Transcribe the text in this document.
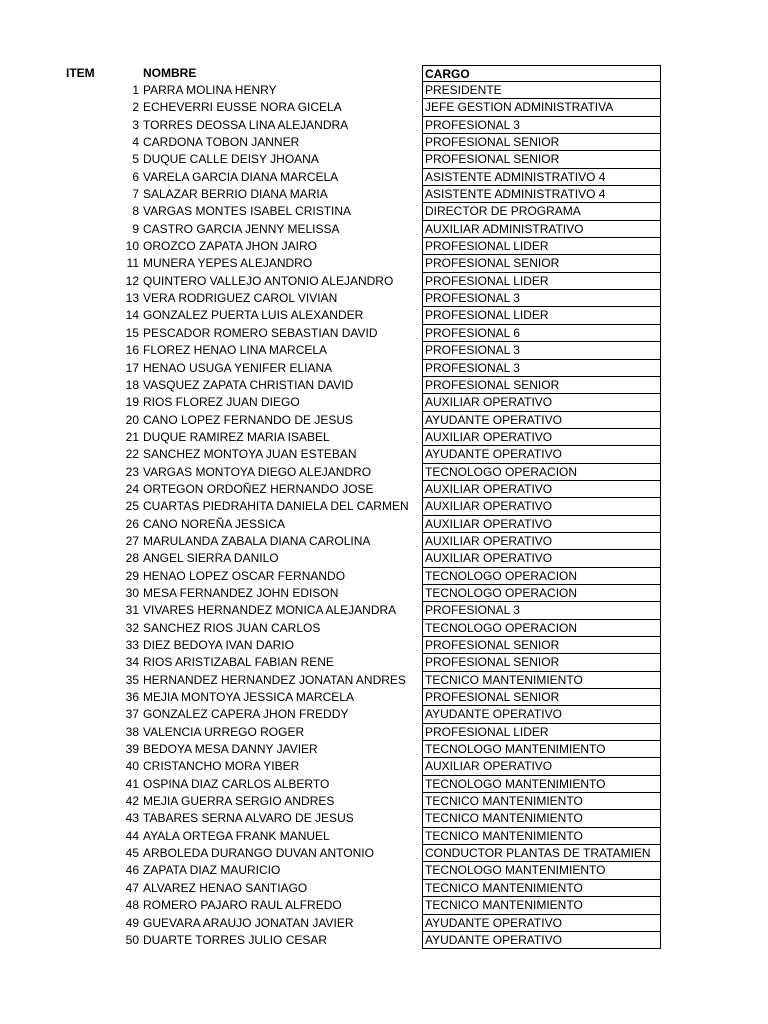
ITEM	NOMBRE	CARGO
1 PARRA MOLINA HENRY	PRESIDENTE
2 ECHEVERRI EUSSE NORA GICELA	JEFE GESTION ADMINISTRATIVA
3 TORRES DEOSSA LINA ALEJANDRA	PROFESIONAL 3
4 CARDONA TOBON JANNER	PROFESIONAL SENIOR
5 DUQUE CALLE DEISY JHOANA	PROFESIONAL SENIOR
6 VARELA GARCIA DIANA MARCELA	ASISTENTE ADMINISTRATIVO 4
7 SALAZAR BERRIO DIANA MARIA	ASISTENTE ADMINISTRATIVO 4
8 VARGAS MONTES ISABEL CRISTINA	DIRECTOR DE PROGRAMA
9 CASTRO GARCIA JENNY MELISSA	AUXILIAR ADMINISTRATIVO
10 OROZCO ZAPATA JHON JAIRO	PROFESIONAL LIDER
11 MUNERA YEPES ALEJANDRO	PROFESIONAL SENIOR
12 QUINTERO VALLEJO ANTONIO ALEJANDRO	PROFESIONAL LIDER
13 VERA RODRIGUEZ CAROL VIVIAN	PROFESIONAL 3
14 GONZALEZ PUERTA LUIS ALEXANDER	PROFESIONAL LIDER
15 PESCADOR ROMERO SEBASTIAN DAVID	PROFESIONAL 6
16 FLOREZ HENAO LINA MARCELA	PROFESIONAL 3
17 HENAO USUGA YENIFER ELIANA	PROFESIONAL 3
18 VASQUEZ ZAPATA CHRISTIAN DAVID	PROFESIONAL SENIOR
19 RIOS FLOREZ JUAN DIEGO	AUXILIAR OPERATIVO
20 CANO LOPEZ FERNANDO DE JESUS	AYUDANTE OPERATIVO
21 DUQUE RAMIREZ MARIA ISABEL	AUXILIAR OPERATIVO
22 SANCHEZ MONTOYA JUAN ESTEBAN	AYUDANTE OPERATIVO
23 VARGAS MONTOYA DIEGO ALEJANDRO	TECNOLOGO OPERACION
24 ORTEGON ORDOÑEZ HERNANDO JOSE	AUXILIAR OPERATIVO
25 CUARTAS PIEDRAHITA DANIELA DEL CARMEN	AUXILIAR OPERATIVO
26 CANO NOREÑA JESSICA	AUXILIAR OPERATIVO
27 MARULANDA ZABALA DIANA CAROLINA	AUXILIAR OPERATIVO
28 ANGEL SIERRA DANILO	AUXILIAR OPERATIVO
29 HENAO LOPEZ OSCAR FERNANDO	TECNOLOGO OPERACION
30 MESA FERNANDEZ JOHN EDISON	TECNOLOGO OPERACION
31 VIVARES HERNANDEZ MONICA ALEJANDRA	PROFESIONAL 3
32 SANCHEZ RIOS JUAN CARLOS	TECNOLOGO OPERACION
33 DIEZ BEDOYA IVAN DARIO	PROFESIONAL SENIOR
34 RIOS ARISTIZABAL FABIAN RENE	PROFESIONAL SENIOR
35 HERNANDEZ HERNANDEZ JONATAN ANDRES	TECNICO MANTENIMIENTO
36 MEJIA MONTOYA JESSICA MARCELA	PROFESIONAL SENIOR
37 GONZALEZ CAPERA JHON FREDDY	AYUDANTE OPERATIVO
38 VALENCIA URREGO ROGER	PROFESIONAL LIDER
39 BEDOYA MESA DANNY JAVIER	TECNOLOGO MANTENIMIENTO
40 CRISTANCHO MORA YIBER	AUXILIAR OPERATIVO
41 OSPINA DIAZ CARLOS ALBERTO	TECNOLOGO MANTENIMIENTO
42 MEJIA GUERRA SERGIO ANDRES	TECNICO MANTENIMIENTO
43 TABARES SERNA ALVARO DE JESUS	TECNICO MANTENIMIENTO
44 AYALA ORTEGA FRANK MANUEL	TECNICO MANTENIMIENTO
45 ARBOLEDA DURANGO DUVAN ANTONIO	CONDUCTOR PLANTAS DE TRATAMIEN
46 ZAPATA DIAZ MAURICIO	TECNOLOGO MANTENIMIENTO
47 ALVAREZ HENAO SANTIAGO	TECNICO MANTENIMIENTO
48 ROMERO PAJARO RAUL ALFREDO	TECNICO MANTENIMIENTO
49 GUEVARA ARAUJO JONATAN JAVIER	AYUDANTE OPERATIVO
50 DUARTE TORRES JULIO CESAR	AYUDANTE OPERATIVO
